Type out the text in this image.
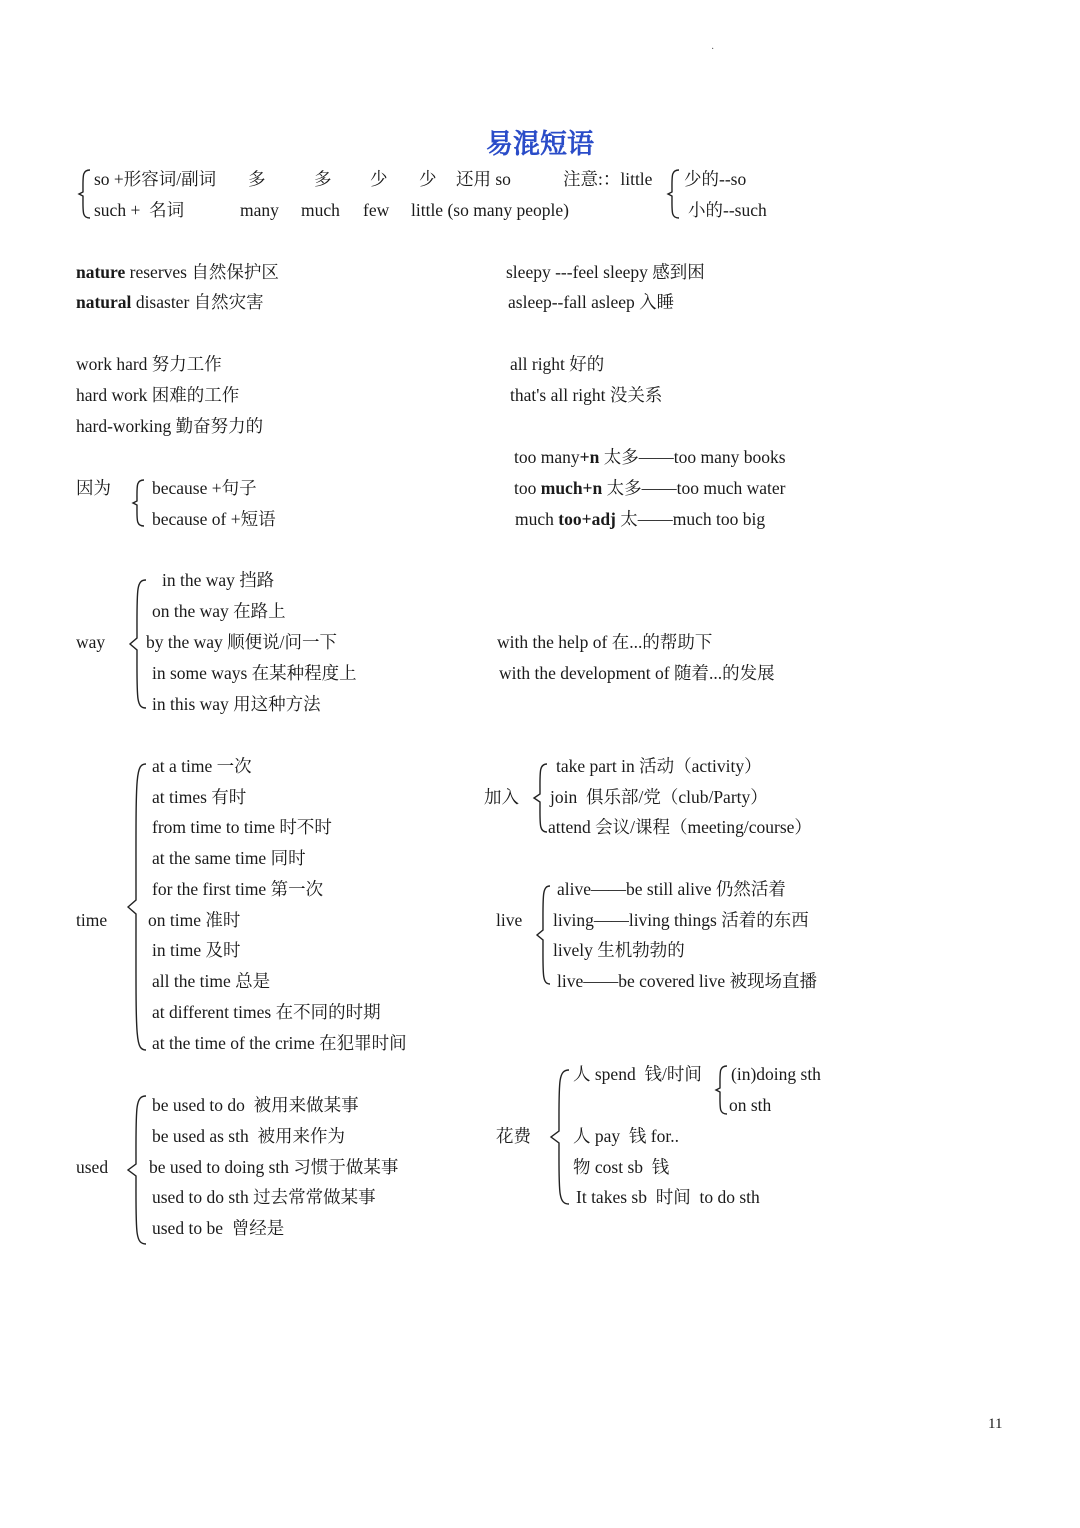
·
易混短语
so +形容词/副词
such +  名词
多	多 少 少 还用 so
many much few little (so many people)
注意:：little 少的--so
小的--such
nature reserves 自然保护区
natural disaster 自然灾害
sleepy ---feel sleepy 感到困
asleep--fall asleep 入睡
work hard 努力工作
hard work 困难的工作
hard-working 勤奋努力的
all right 好的
that's all right 没关系
too many+n 太多——too many books
too much+n 太多——too much water
much too+adj 太——much too big
因为 because +句子
because of +短语
way
in the way 挡路
on the way 在路上
by the way 顺便说/问一下
in some ways 在某种程度上
in this way 用这种方法
with the help of 在...的帮助下
with the development of 随着...的发展
time
at a time 一次
at times 有时
from time to time 时不时
at the same time 同时
for the first time 第一次
on time 准时
in time 及时
all the time 总是
at different times 在不同的时期
at the time of the crime 在犯罪时间
加入
take part in 活动（activity）
join  俱乐部/党（club/Party）
attend 会议/课程（meeting/course）
live
alive——be still alive 仍然活着
living——living things 活着的东西
lively 生机勃勃的
live——be covered live 被现场直播
used
be used to do  被用来做某事
be used as sth  被用来作为
be used to doing sth 习惯于做某事
used to do sth 过去常常做某事
used to be  曾经是
花费
人 spend  钱/时间
人 pay  钱 for..
物 cost sb  钱
It takes sb  时间  to do sth
(in)doing sth
on sth
11
